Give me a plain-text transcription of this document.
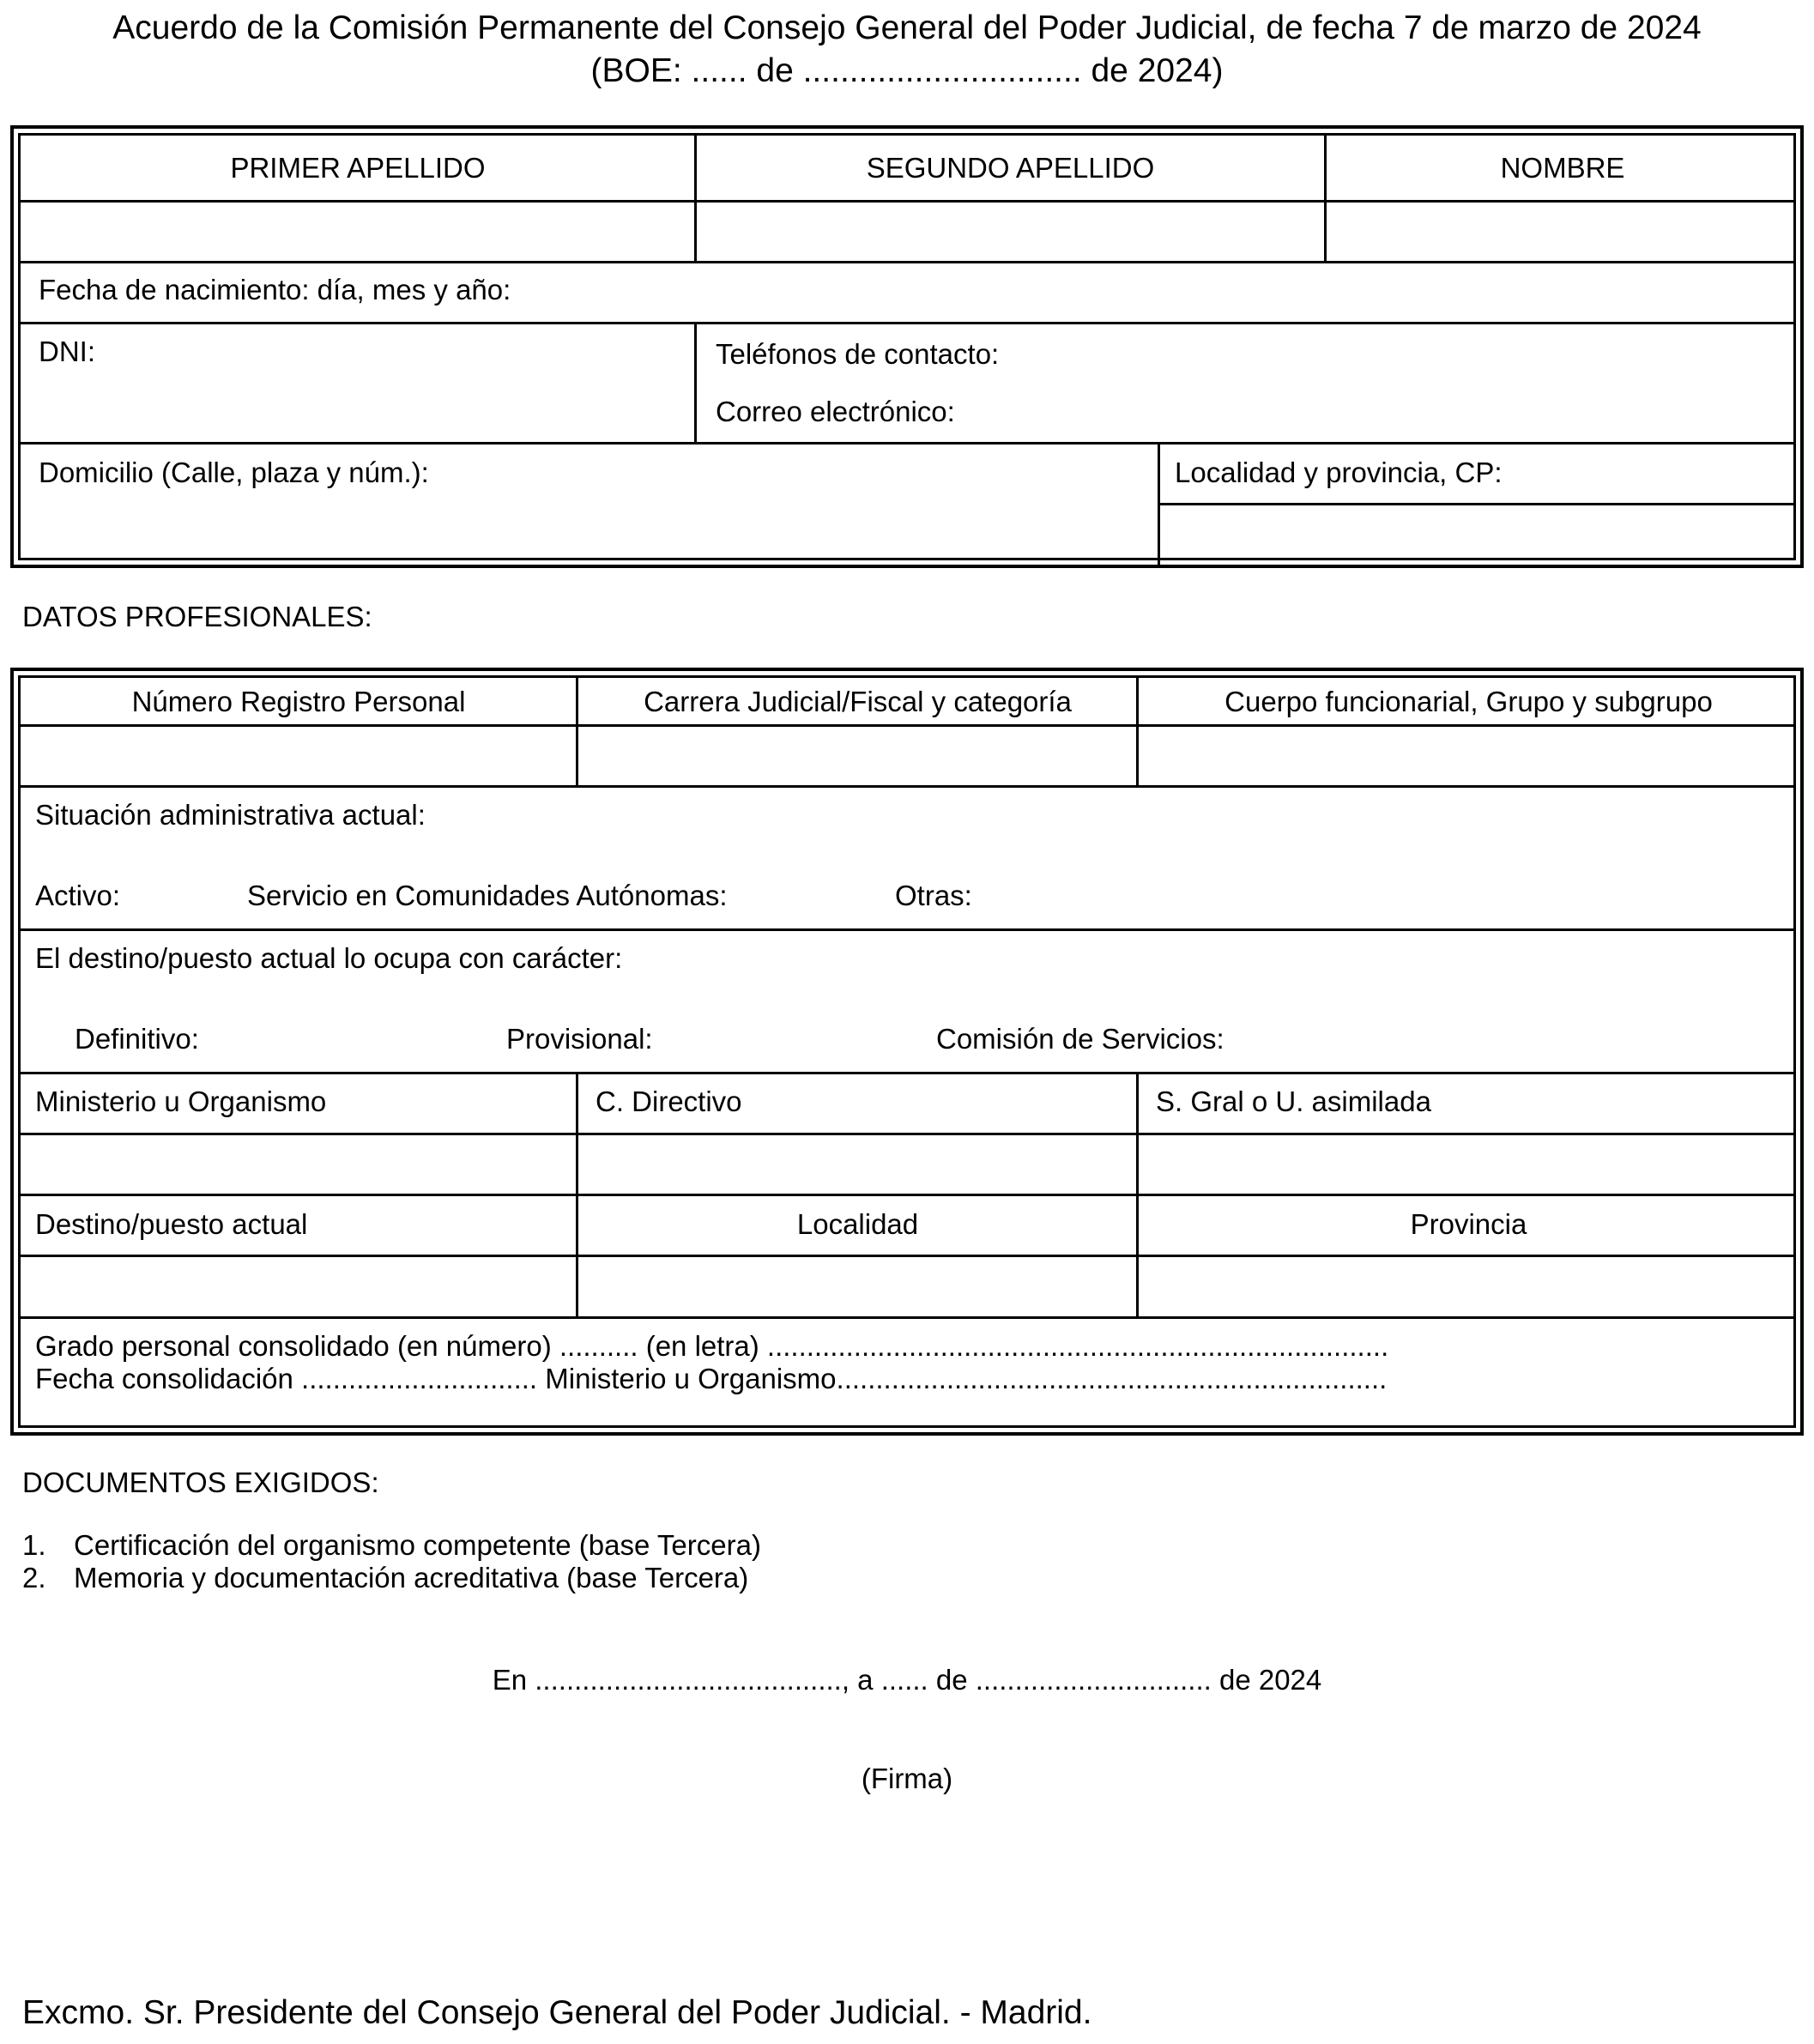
Acuerdo de la Comisión Permanente del Consejo General del Poder Judicial, de fecha 7 de marzo de 2024
(BOE: ...... de .............................. de 2024)
PRIMER APELLIDO	SEGUNDO APELLIDO	NOMBRE
Fecha de nacimiento: día, mes y año:
DNI:	Teléfonos de contacto:
Correo electrónico:
Domicilio (Calle, plaza y núm.):	Localidad y provincia, CP:
DATOS PROFESIONALES:
Número Registro Personal	Carrera Judicial/Fiscal y categoría	Cuerpo funcionarial, Grupo y subgrupo
Situación administrativa actual:
Activo:	Servicio en Comunidades Autónomas:	Otras:
El destino/puesto actual lo ocupa con carácter:
Definitivo:	Provisional:	Comisión de Servicios:
Ministerio u Organismo	C. Directivo	S. Gral o U. asimilada
Destino/puesto actual	Localidad	Provincia
Grado personal consolidado (en número) .......... (en letra) ...............................................................................
Fecha consolidación .............................. Ministerio u Organismo......................................................................
DOCUMENTOS EXIGIDOS:
1. Certificación del organismo competente (base Tercera)
2. Memoria y documentación acreditativa (base Tercera)
En ......................................., a ...... de .............................. de 2024
(Firma)
Excmo. Sr. Presidente del Consejo General del Poder Judicial. - Madrid.
